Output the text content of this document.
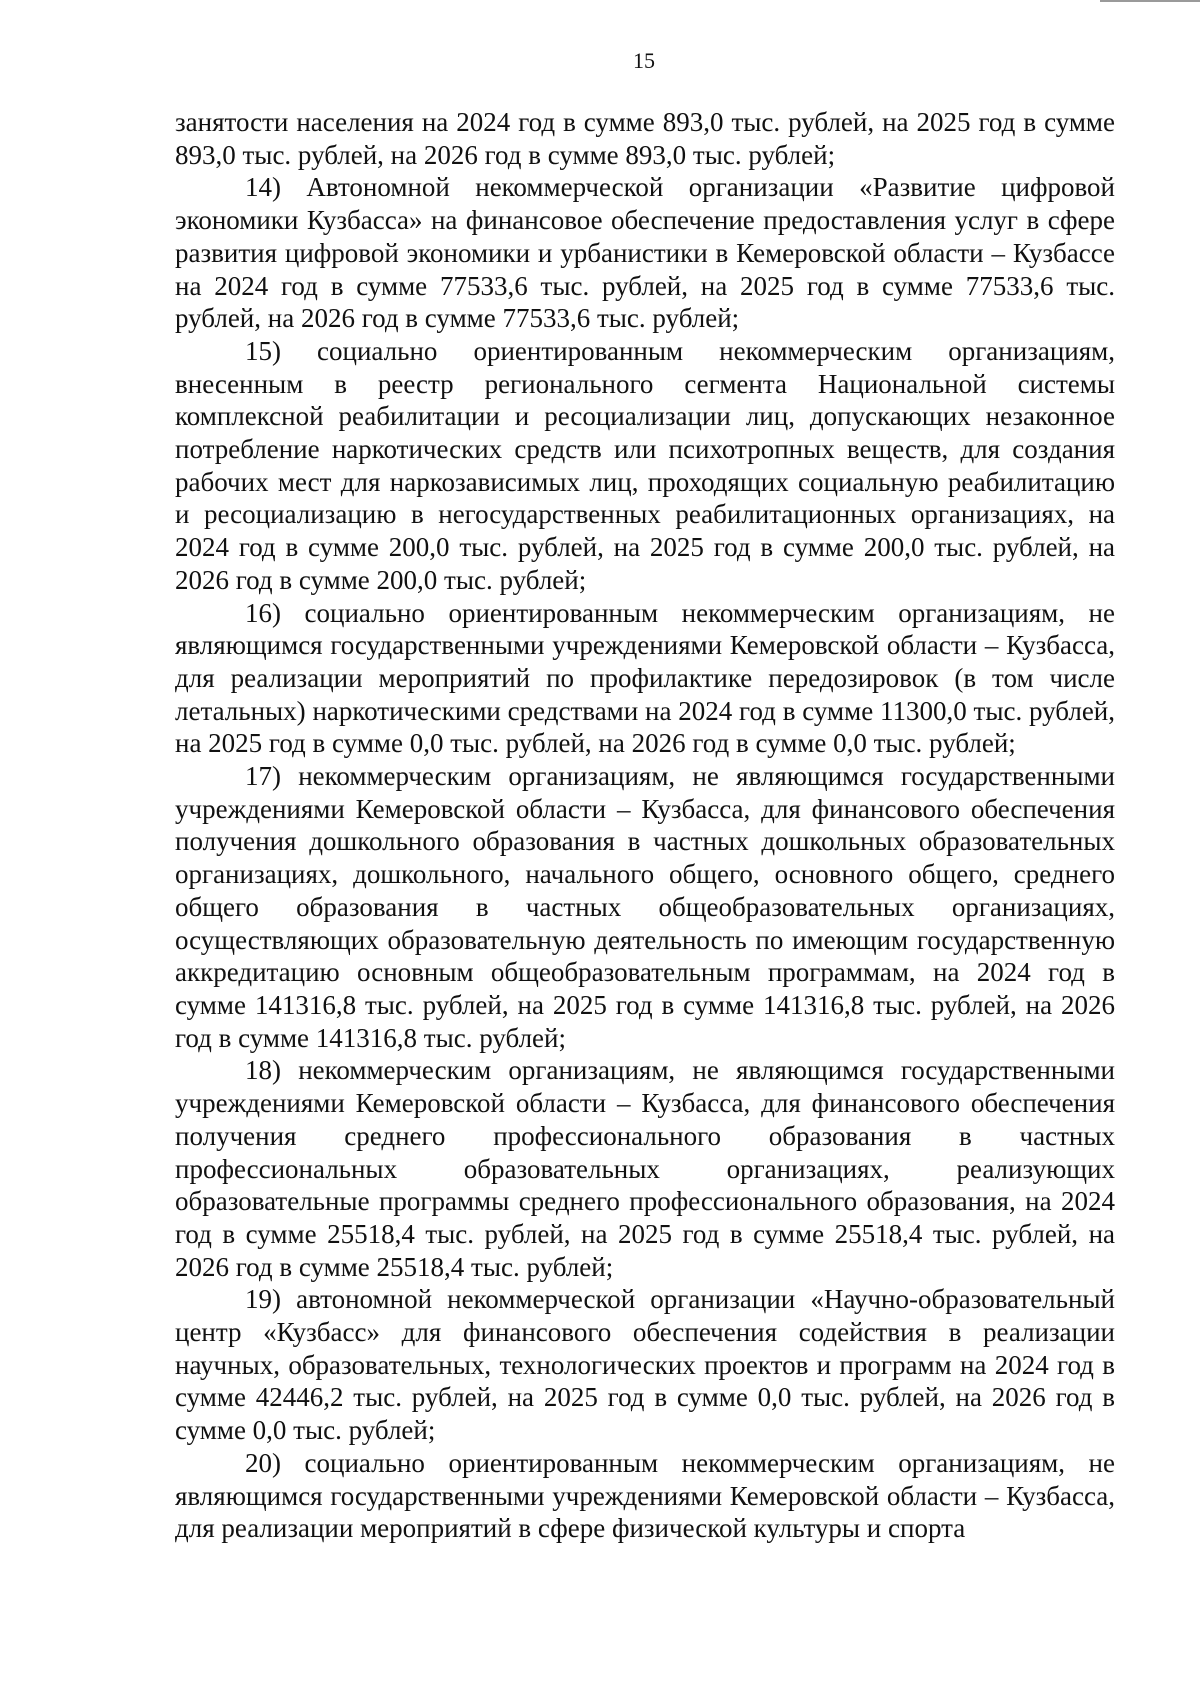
15

занятости населения на 2024 год в сумме 893,0 тыс. рублей, на 2025 год в сумме 893,0 тыс. рублей, на 2026 год в сумме 893,0 тыс. рублей;

14) Автономной некоммерческой организации «Развитие цифровой экономики Кузбасса» на финансовое обеспечение предоставления услуг в сфере развития цифровой экономики и урбанистики в Кемеровской области – Кузбассе на 2024 год в сумме 77533,6 тыс. рублей, на 2025 год в сумме 77533,6 тыс. рублей, на 2026 год в сумме 77533,6 тыс. рублей;

15) социально ориентированным некоммерческим организациям, внесенным в реестр регионального сегмента Национальной системы комплексной реабилитации и ресоциализации лиц, допускающих незаконное потребление наркотических средств или психотропных веществ, для создания рабочих мест для наркозависимых лиц, проходящих социальную реабилитацию и ресоциализацию в негосударственных реабилитационных организациях, на 2024 год в сумме 200,0 тыс. рублей, на 2025 год в сумме 200,0 тыс. рублей, на 2026 год в сумме 200,0 тыс. рублей;

16) социально ориентированным некоммерческим организациям, не являющимся государственными учреждениями Кемеровской области – Кузбасса, для реализации мероприятий по профилактике передозировок (в том числе летальных) наркотическими средствами на 2024 год в сумме 11300,0 тыс. рублей, на 2025 год в сумме 0,0 тыс. рублей, на 2026 год в сумме 0,0 тыс. рублей;

17) некоммерческим организациям, не являющимся государственными учреждениями Кемеровской области – Кузбасса, для финансового обеспечения получения дошкольного образования в частных дошкольных образовательных организациях, дошкольного, начального общего, основного общего, среднего общего образования в частных общеобразовательных организациях, осуществляющих образовательную деятельность по имеющим государственную аккредитацию основным общеобразовательным программам, на 2024 год в сумме 141316,8 тыс. рублей, на 2025 год в сумме 141316,8 тыс. рублей, на 2026 год в сумме 141316,8 тыс. рублей;

18) некоммерческим организациям, не являющимся государственными учреждениями Кемеровской области – Кузбасса, для финансового обеспечения получения среднего профессионального образования в частных профессиональных образовательных организациях, реализующих образовательные программы среднего профессионального образования, на 2024 год в сумме 25518,4 тыс. рублей, на 2025 год в сумме 25518,4 тыс. рублей, на 2026 год в сумме 25518,4 тыс. рублей;

19) автономной некоммерческой организации «Научно-образовательный центр «Кузбасс» для финансового обеспечения содействия в реализации научных, образовательных, технологических проектов и программ на 2024 год в сумме 42446,2 тыс. рублей, на 2025 год в сумме 0,0 тыс. рублей, на 2026 год в сумме 0,0 тыс. рублей;

20) социально ориентированным некоммерческим организациям, не являющимся государственными учреждениями Кемеровской области – Кузбасса, для реализации мероприятий в сфере физической культуры и спорта
